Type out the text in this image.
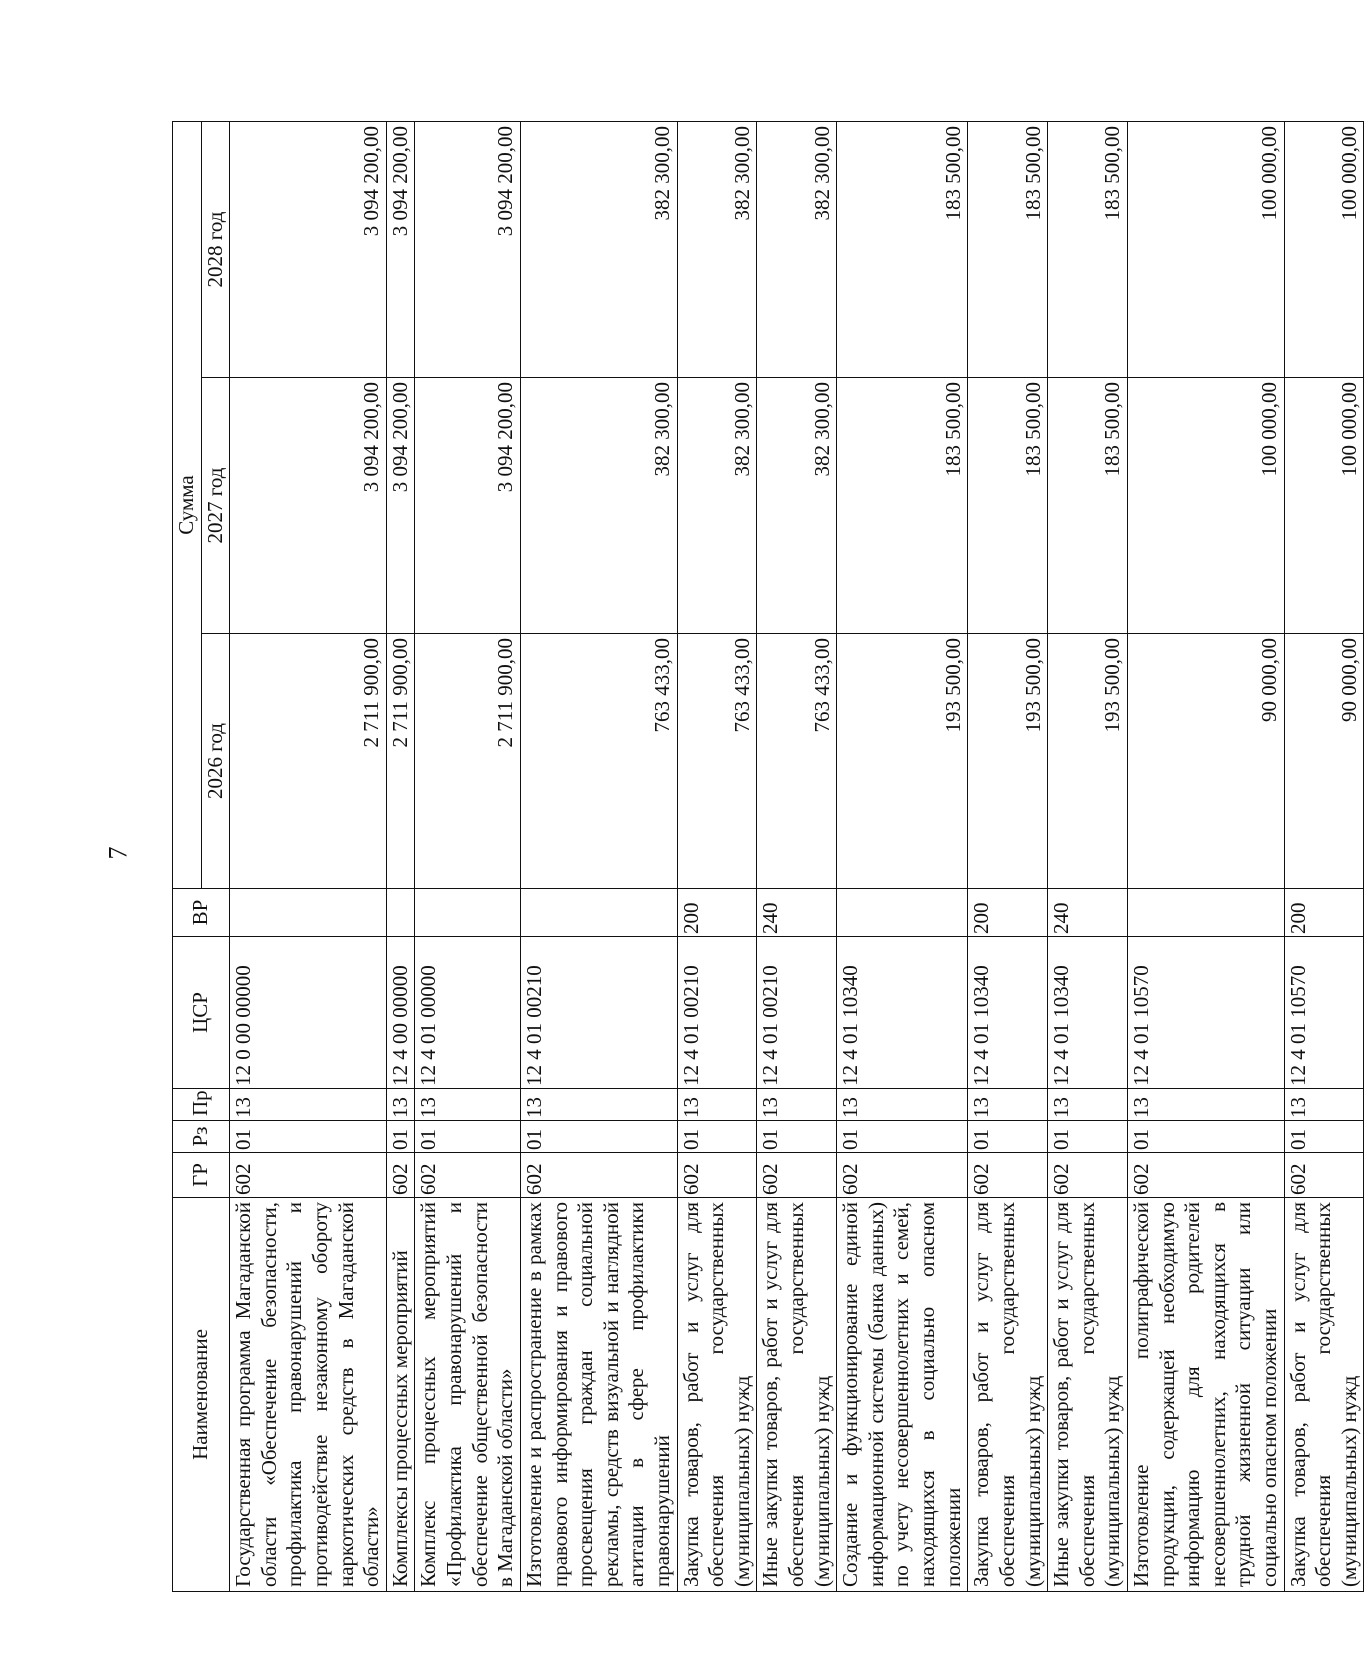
7
Наименование	ГР	Рз	Пр	ЦСР	ВР	Сумма		
						2026 год	2027 год	2028 год
Государственная программа Магаданской области «Обеспечение безопасности, профилактика правонарушений и противодействие незаконному обороту наркотических средств в Магаданской области»	602	01	13	12 0 00 00000		2 711 900,00	3 094 200,00	3 094 200,00
Комплексы процессных мероприятий	602	01	13	12 4 00 00000		2 711 900,00	3 094 200,00	3 094 200,00
Комплекс процессных мероприятий «Профилактика правонарушений и обеспечение общественной безопасности в Магаданской области»	602	01	13	12 4 01 00000		2 711 900,00	3 094 200,00	3 094 200,00
Изготовление и распространение в рамках правового информирования и правового просвещения граждан социальной рекламы, средств визуальной и наглядной агитации в сфере профилактики правонарушений	602	01	13	12 4 01 00210		763 433,00	382 300,00	382 300,00
Закупка товаров, работ и услуг для обеспечения государственных (муниципальных) нужд	602	01	13	12 4 01 00210	200	763 433,00	382 300,00	382 300,00
Иные закупки товаров, работ и услуг для обеспечения государственных (муниципальных) нужд	602	01	13	12 4 01 00210	240	763 433,00	382 300,00	382 300,00
Создание и функционирование единой информационной системы (банка данных) по учету несовершеннолетних и семей, находящихся в социально опасном положении	602	01	13	12 4 01 10340		193 500,00	183 500,00	183 500,00
Закупка товаров, работ и услуг для обеспечения государственных (муниципальных) нужд	602	01	13	12 4 01 10340	200	193 500,00	183 500,00	183 500,00
Иные закупки товаров, работ и услуг для обеспечения государственных (муниципальных) нужд	602	01	13	12 4 01 10340	240	193 500,00	183 500,00	183 500,00
Изготовление полиграфической продукции, содержащей необходимую информацию для родителей несовершеннолетних, находящихся в трудной жизненной ситуации или социально опасном положении	602	01	13	12 4 01 10570		90 000,00	100 000,00	100 000,00
Закупка товаров, работ и услуг для обеспечения государственных (муниципальных) нужд	602	01	13	12 4 01 10570	200	90 000,00	100 000,00	100 000,00
